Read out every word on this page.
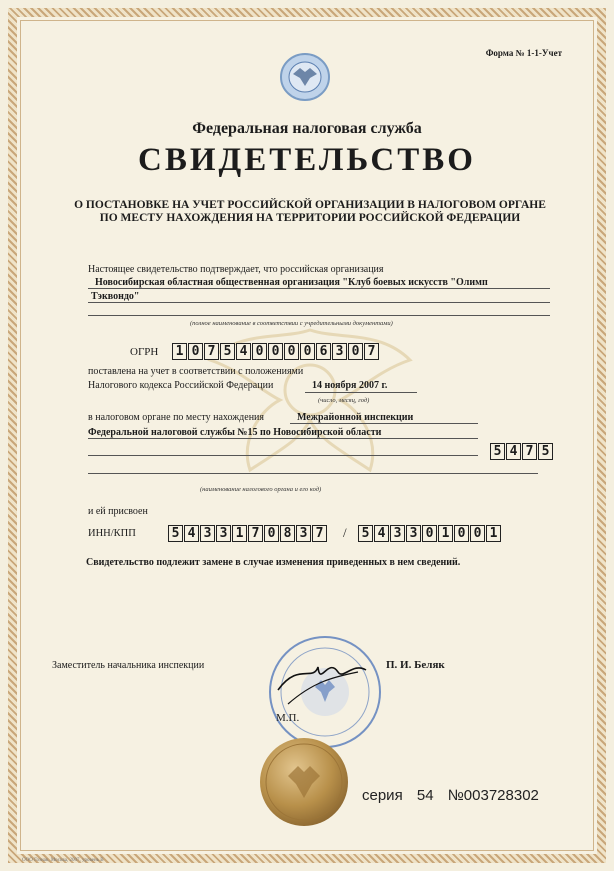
Форма № 1-1-Учет
Федеральная налоговая служба
СВИДЕТЕЛЬСТВО
О ПОСТАНОВКЕ НА УЧЕТ РОССИЙСКОЙ ОРГАНИЗАЦИИ В НАЛОГОВОМ ОРГАНЕ ПО МЕСТУ НАХОЖДЕНИЯ НА ТЕРРИТОРИИ РОССИЙСКОЙ ФЕДЕРАЦИИ
Настоящее свидетельство подтверждает, что российская организация
Новосибирская областная общественная организация "Клуб боевых искусств "Олимп
Тэквондо"
(полное наименование в соответствии с учредительными документами)
ОГРН 1 0 7 5 4 0 0 0 0 6 3 0 7
поставлена на учет в соответствии с положениями
Налогового кодекса Российской Федерации	14 ноября 2007 г.
(число, месяц, год)
в налоговом органе по месту нахождения	Межрайонной инспекции
Федеральной налоговой службы №15 по Новосибирской области
5 4 7 5
(наименование налогового органа и его код)
и ей присвоен
ИНН/КПП	5 4 3 3 1 7 0 8 3 7 / 5 4 3 3 0 1 0 0 1
Свидетельство подлежит замене в случае изменения приведенных в нем сведений.
Заместитель начальника инспекции	П. И. Беляк
М.П.
серия 54 №003728302
ООО Гознак, Москва, 2007, уровень В
